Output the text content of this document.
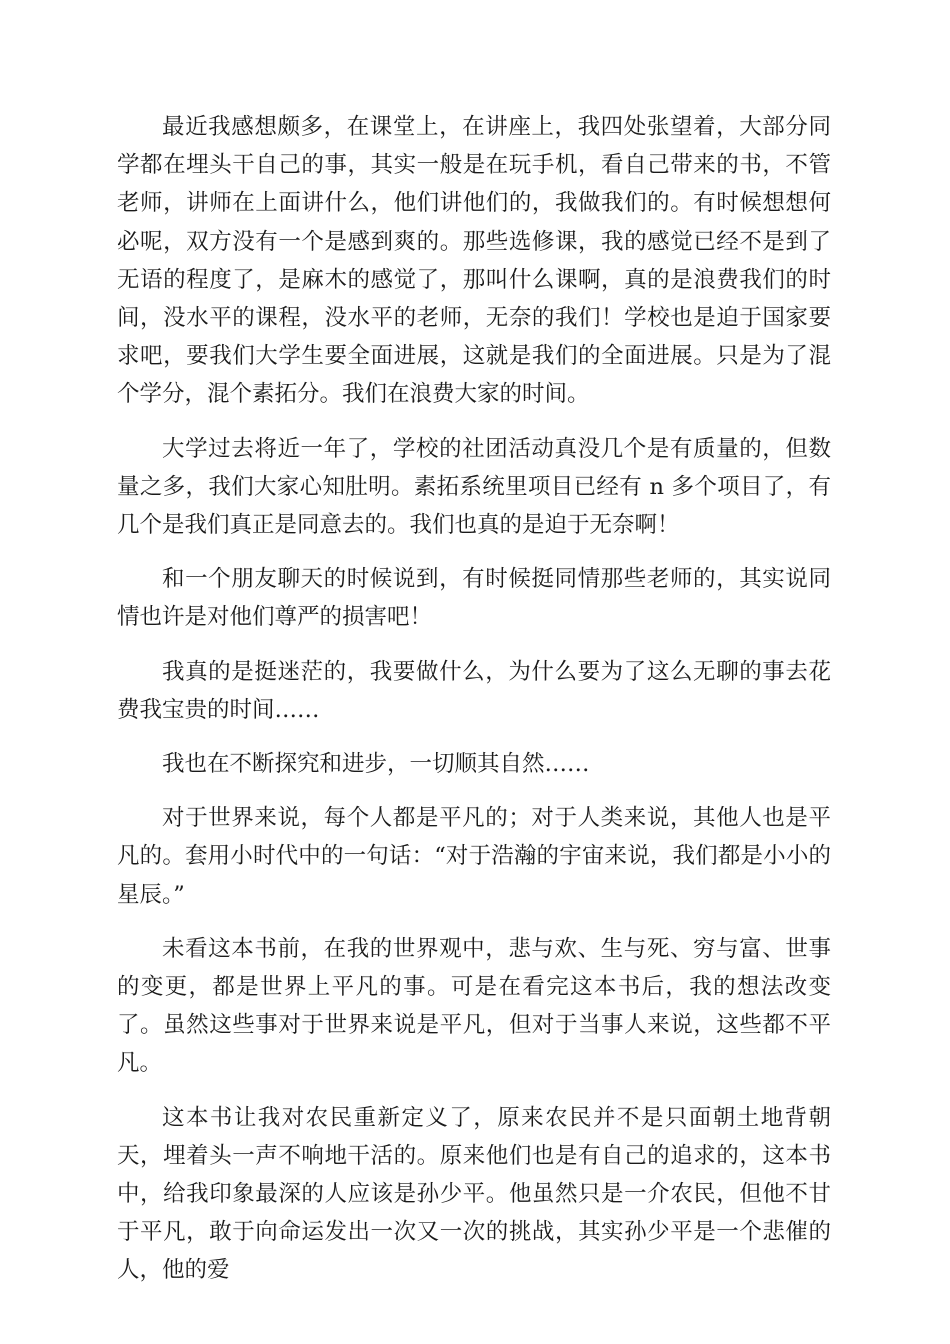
最近我感想颇多，在课堂上，在讲座上，我四处张望着，大部分同学都在埋头干自己的事，其实一般是在玩手机，看自己带来的书，不管老师，讲师在上面讲什么，他们讲他们的，我做我们的。有时候想想何必呢，双方没有一个是感到爽的。那些选修课，我的感觉已经不是到了无语的程度了，是麻木的感觉了，那叫什么课啊，真的是浪费我们的时间，没水平的课程，没水平的老师，无奈的我们！学校也是迫于国家要求吧，要我们大学生要全面进展，这就是我们的全面进展。只是为了混个学分，混个素拓分。我们在浪费大家的时间。

大学过去将近一年了，学校的社团活动真没几个是有质量的，但数量之多，我们大家心知肚明。素拓系统里项目已经有 n 多个项目了，有几个是我们真正是同意去的。我们也真的是迫于无奈啊！

和一个朋友聊天的时候说到，有时候挺同情那些老师的，其实说同情也许是对他们尊严的损害吧！

我真的是挺迷茫的，我要做什么，为什么要为了这么无聊的事去花费我宝贵的时间……

我也在不断探究和进步，一切顺其自然……

对于世界来说，每个人都是平凡的；对于人类来说，其他人也是平凡的。套用小时代中的一句话：“对于浩瀚的宇宙来说，我们都是小小的星辰。”

未看这本书前，在我的世界观中，悲与欢、生与死、穷与富、世事的变更，都是世界上平凡的事。可是在看完这本书后，我的想法改变了。虽然这些事对于世界来说是平凡，但对于当事人来说，这些都不平凡。

这本书让我对农民重新定义了，原来农民并不是只面朝土地背朝天，埋着头一声不响地干活的。原来他们也是有自己的追求的，这本书中，给我印象最深的人应该是孙少平。他虽然只是一介农民，但他不甘于平凡，敢于向命运发出一次又一次的挑战，其实孙少平是一个悲催的人，他的爱
